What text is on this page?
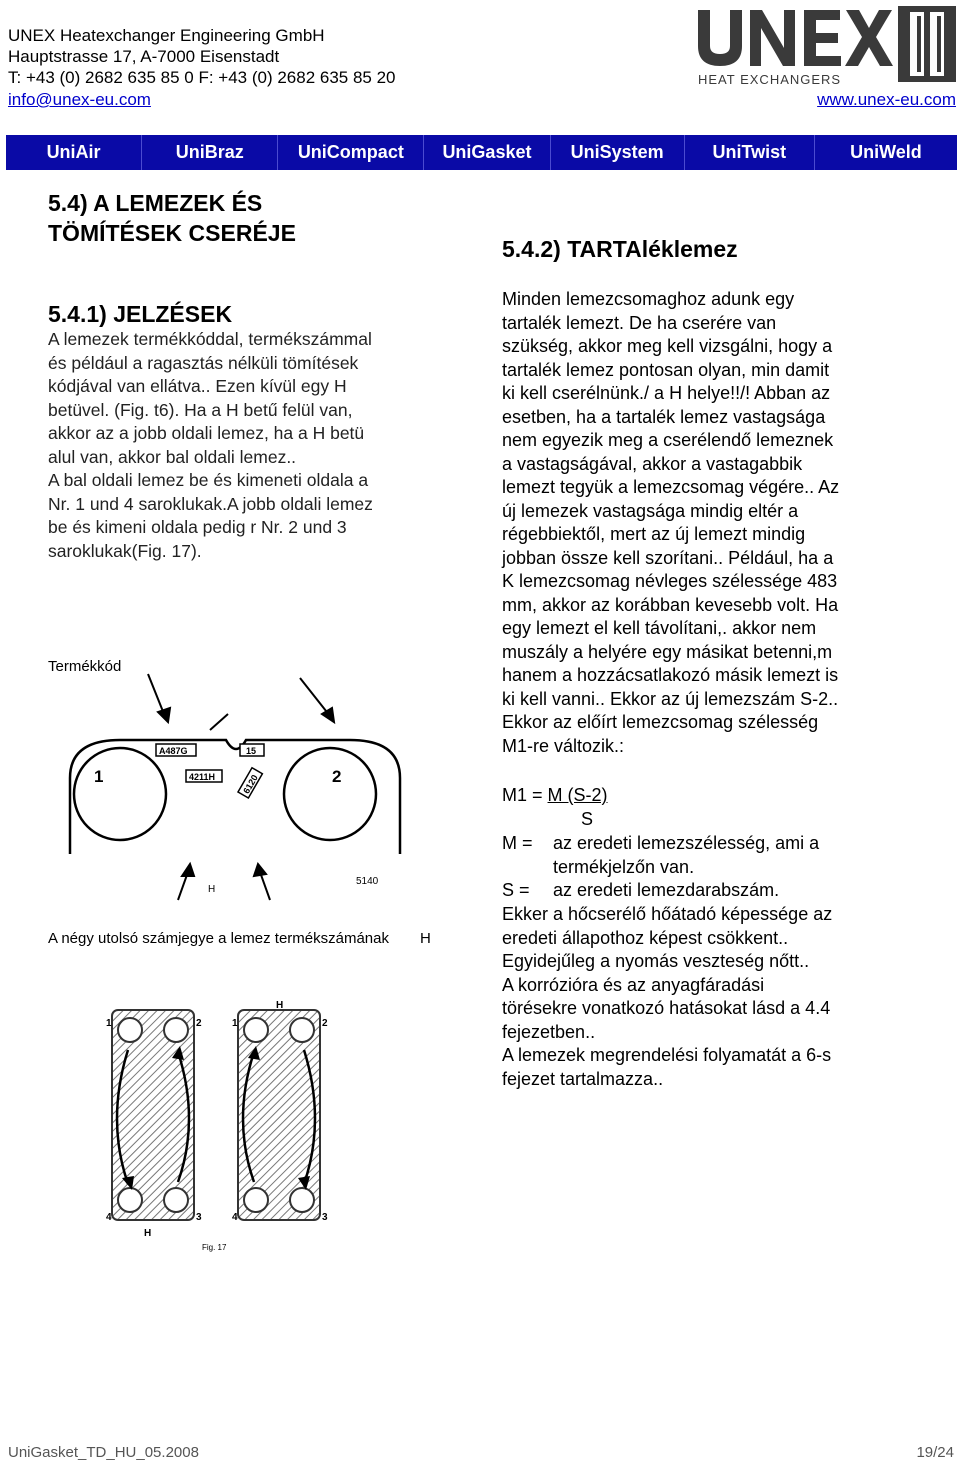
UNEX Heatexchanger Engineering GmbH
Hauptstrasse 17, A-7000 Eisenstadt
T: +43 (0) 2682 635 85 0 F: +43 (0) 2682 635 85 20
info@unex-eu.com	www.unex-eu.com
HEAT EXCHANGERS
UniAir	UniBraz	UniCompact	UniGasket	UniSystem	UniTwist	UniWeld
5.4) A LEMEZEK ÉS
TÖMÍTÉSEK CSERÉJE
5.4.1) JELZÉSEK
A lemezek termékkóddal, termékszámmal
és például a ragasztás nélküli tömítések
kódjával van ellátva.. Ezen kívül egy H
betüvel. (Fig. t6). Ha a H betű felül van,
akkor az a jobb oldali lemez, ha a H betü
alul van, akkor bal oldali lemez..
A bal oldali lemez be és kimeneti oldala a
Nr. 1 und 4 saroklukak.A jobb oldali lemez
be és kimeni oldala pedig r Nr. 2 und 3
saroklukak(Fig. 17).
Termékkód
1	2
A487G	15
4211H	6120
H
5140
A négy utolsó számjegye a lemez termékszámának H
1	2	1	2
4	3	4	3
H
H
Fig. 17
5.4.2) TARTAléklemez
Minden lemezcsomaghoz adunk egy
tartalék lemezt. De ha cserére van
szükség, akkor meg kell vizsgálni, hogy a
tartalék lemez pontosan olyan, min damit
ki kell cserélnünk./ a H helye!!/! Abban az
esetben, ha a tartalék lemez vastagsága
nem egyezik meg a cserélendő lemeznek
a vastagságával, akkor a vastagabbik
lemezt tegyük a lemezcsomag végére.. Az
új lemezek vastagsága mindig eltér a
régebbiektől, mert az új lemezt mindig
jobban össze kell szorítani.. Például, ha a
K lemezcsomag névleges szélessége 483
mm, akkor az korábban kevesebb volt. Ha
egy lemezt el kell távolítani,. akkor nem
muszály a helyére egy másikat betenni,m
hanem a hozzácsatlakozó másik lemezt is
ki kell vanni.. Ekkor az új lemezszám S-2..
Ekkor az előírt lemezcsomag szélesség
M1-re változik.:
M1 = M (S-2)
S
M = az eredeti lemezszélesség, ami a
termékjelzőn van.
S = az eredeti lemezdarabszám.
Ekker a hőcserélő hőátadó képessége az
eredeti állapothoz képest csökkent..
Egyidejűleg a nyomás veszteség nőtt..
A korrózióra és az anyagfáradási
törésekre vonatkozó hatásokat lásd a 4.4
fejezetben..
A lemezek megrendelési folyamatát a 6-s
fejezet tartalmazza..
UniGasket_TD_HU_05.2008	19/24
